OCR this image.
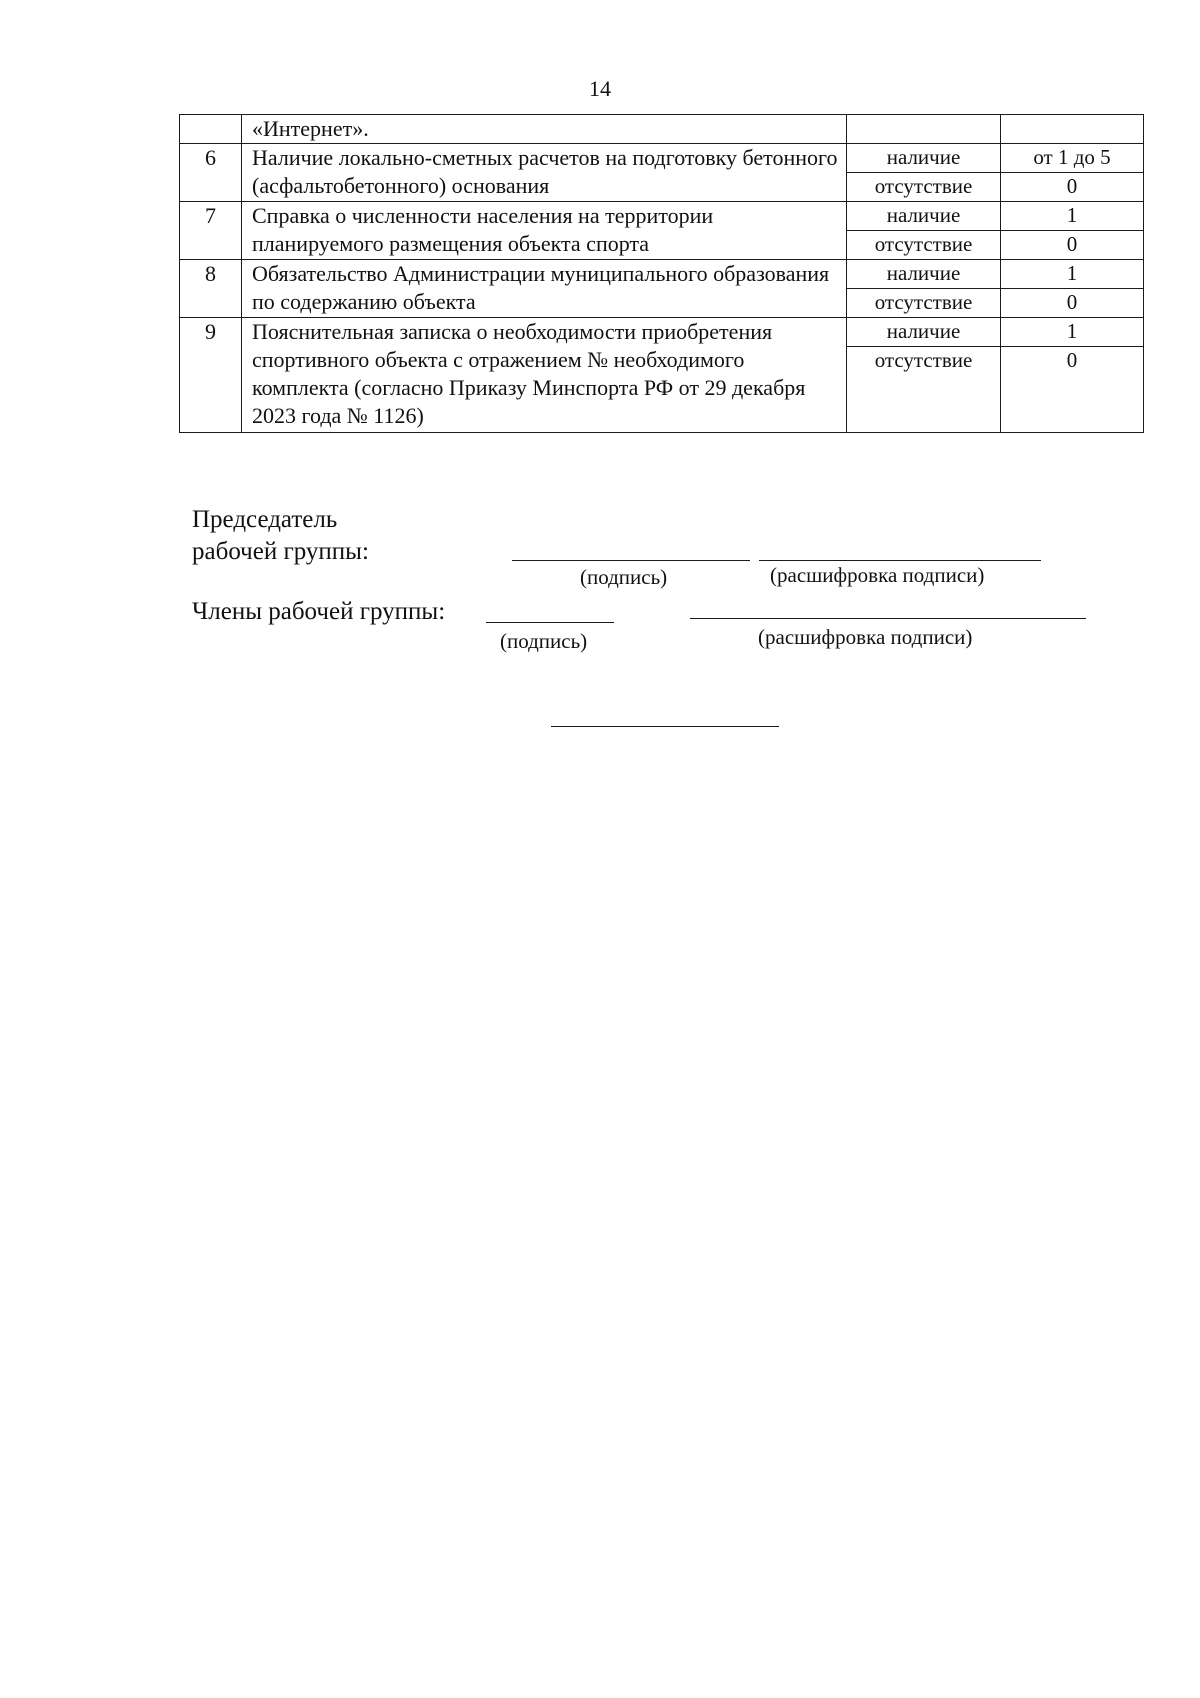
14
	«Интернет».		
6	Наличие локально-сметных расчетов на подготовку бетонного (асфальтобетонного) основания	наличие	от 1 до 5
		отсутствие	0
7	Справка о численности населения на территории планируемого размещения объекта спорта	наличие	1
		отсутствие	0
8	Обязательство Администрации муниципального образования по содержанию объекта	наличие	1
		отсутствие	0
9	Пояснительная записка о необходимости приобретения спортивного объекта с отражением № необходимого комплекта (согласно Приказу Минспорта РФ от 29 декабря 2023 года № 1126)	наличие	1
		отсутствие	0
Председатель
рабочей группы:
(подпись)	(расшифровка подписи)
Члены рабочей группы:
(подпись)	(расшифровка подписи)
